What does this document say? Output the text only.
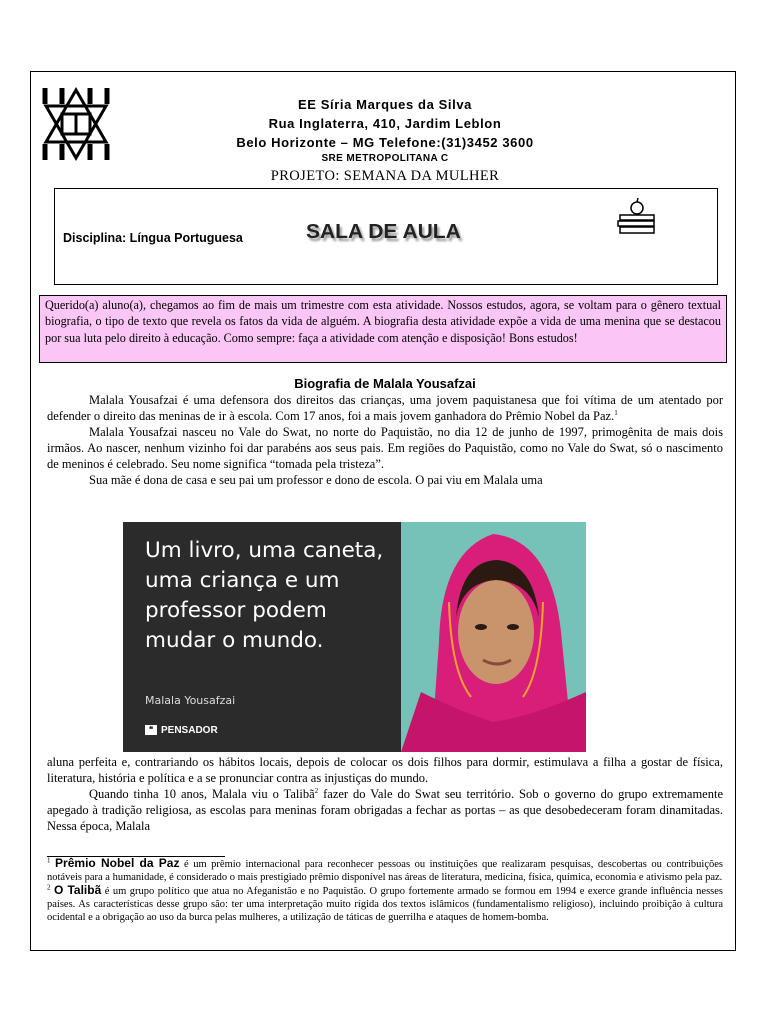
EE Síria Marques da Silva
Rua Inglaterra, 410, Jardim Leblon
Belo Horizonte – MG Telefone:(31)3452 3600
SRE METROPOLITANA C
PROJETO: SEMANA DA MULHER
Disciplina: Língua Portuguesa	SALA DE AULA
Querido(a) aluno(a), chegamos ao fim de mais um trimestre com esta atividade. Nossos estudos, agora, se voltam para o gênero textual biografia, o tipo de texto que revela os fatos da vida de alguém. A biografia desta atividade expõe a vida de uma menina que se destacou por sua luta pelo direito à educação. Como sempre: faça a atividade com atenção e disposição! Bons estudos!
Biografia de Malala Yousafzai

Malala Yousafzai é uma defensora dos direitos das crianças, uma jovem paquistanesa que foi vítima de um atentado por defender o direito das meninas de ir à escola. Com 17 anos, foi a mais jovem ganhadora do Prêmio Nobel da Paz.$^1$

Malala Yousafzai nasceu no Vale do Swat, no norte do Paquistão, no dia 12 de junho de 1997, primogênita de mais dois irmãos. Ao nascer, nenhum vizinho foi dar parabéns aos seus pais. Em regiões do Paquistão, como no Vale do Swat, só o nascimento de meninos é celebrado. Seu nome significa “tomada pela tristeza”.

Sua mãe é dona de casa e seu pai um professor e dono de escola. O pai viu em Malala uma

Um livro, uma caneta, uma criança e um professor podem mudar o mundo.
Malala Yousafzai
❝ PENSADOR

aluna perfeita e, contrariando os hábitos locais, depois de colocar os dois filhos para dormir, estimulava a filha a gostar de física, literatura, história e política e a se pronunciar contra as injustiças do mundo.

Quando tinha 10 anos, Malala viu o Talibã$^2$ fazer do Vale do Swat seu território. Sob o governo do grupo extremamente apegado à tradição religiosa, as escolas para meninas foram obrigadas a fechar as portas – as que desobedeceram foram dinamitadas. Nessa época, Malala

$^1$ Prêmio Nobel da Paz é um prêmio internacional para reconhecer pessoas ou instituições que realizaram pesquisas, descobertas ou contribuições notáveis para a humanidade, é considerado o mais prestigiado prêmio disponível nas áreas de literatura, medicina, física, química, economia e ativismo pela paz.

$^2$ O Talibã é um grupo político que atua no Afeganistão e no Paquistão. O grupo fortemente armado se formou em 1994 e exerce grande influência nesses países. As características desse grupo são: ter uma interpretação muito rígida dos textos islâmicos (fundamentalismo religioso), incluindo proibição à cultura ocidental e a obrigação ao uso da burca pelas mulheres, a utilização de táticas de guerrilha e ataques de homem-bomba.
